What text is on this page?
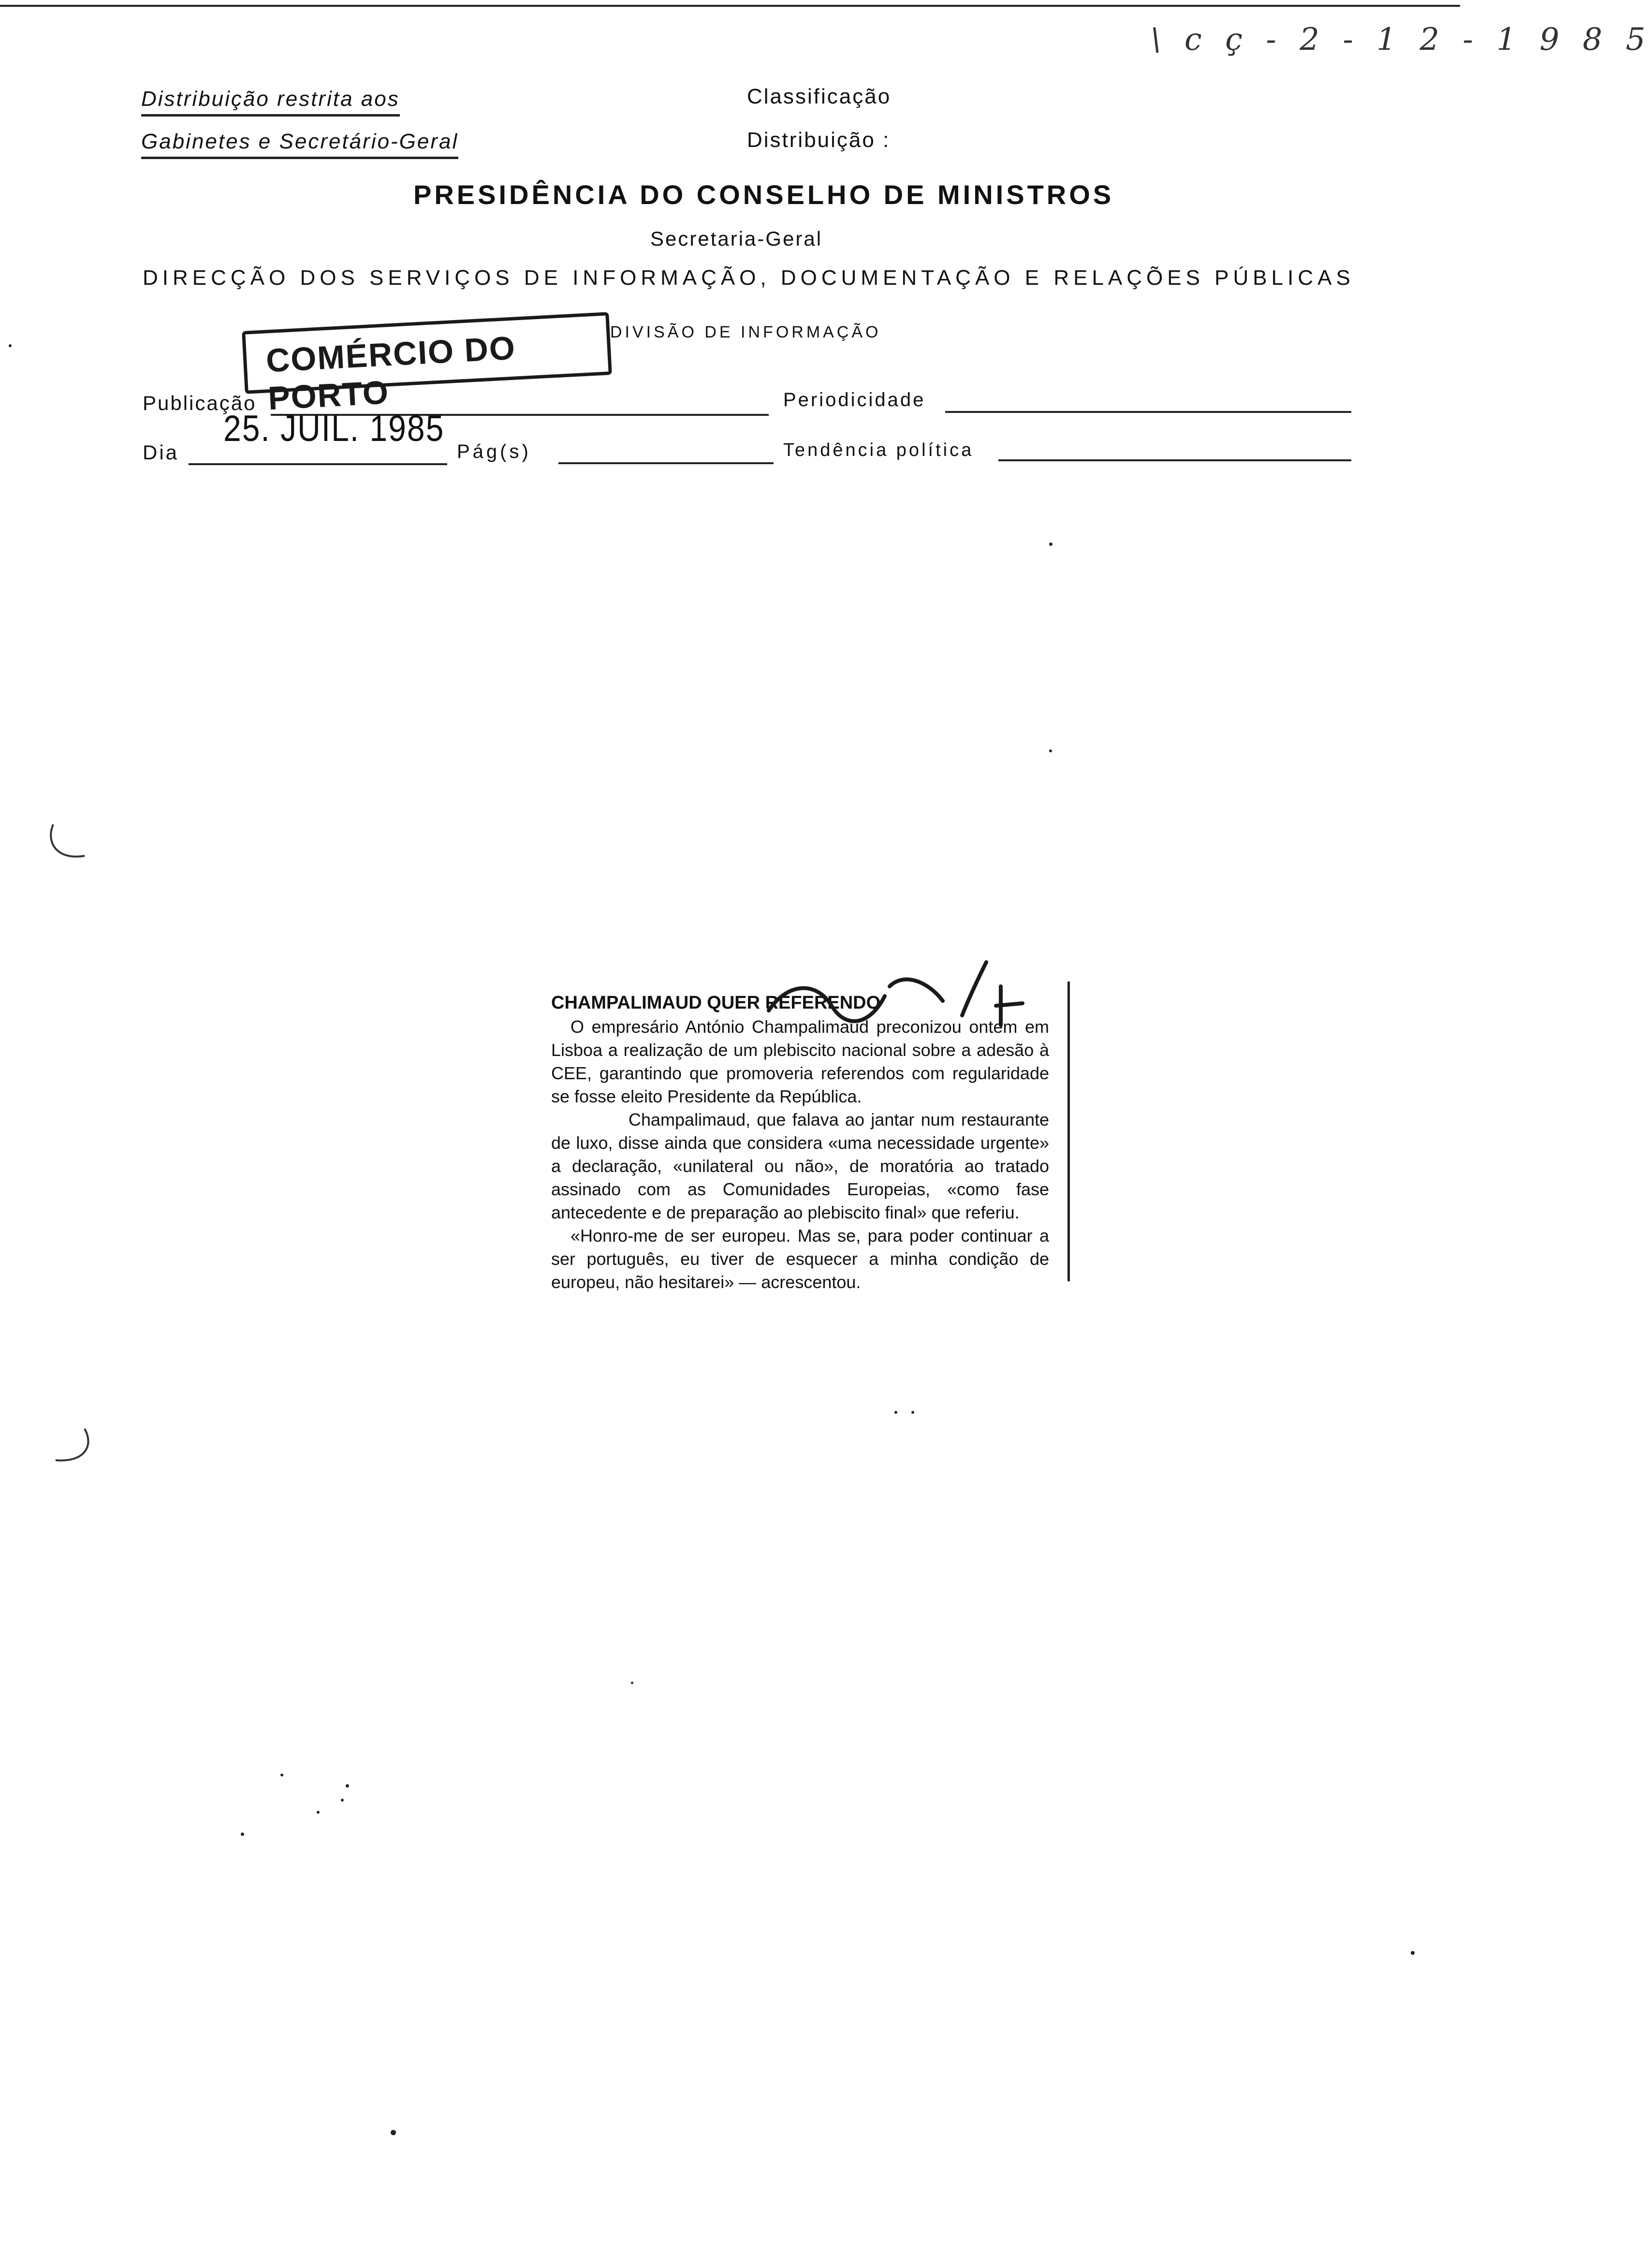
\ c ç - 2 - 1 2 - 1 9 8 5
Distribuição restrita aos
Gabinetes e Secretário-Geral
Classificação
Distribuição :
PRESIDÊNCIA DO CONSELHO DE MINISTROS
Secretaria-Geral
DIRECÇÃO DOS SERVIÇOS DE INFORMAÇÃO, DOCUMENTAÇÃO E RELAÇÕES PÚBLICAS
DIVISÃO DE INFORMAÇÃO
COMÉRCIO DO PORTO
Publicação	Periodicidade
25. JUIL. 1985
Dia	Pág(s)	Tendência política
CHAMPALIMAUD QUER REFERENDO

O empresário António Champalimaud preconizou ontem em Lisboa a realização de um plebiscito nacional sobre a adesão à CEE, garantindo que promoveria referendos com regularidade se fosse eleito Presidente da República.

Champalimaud, que falava ao jantar num restaurante de luxo, disse ainda que considera «uma necessidade urgente» a declaração, «unilateral ou não», de moratória ao tratado assinado com as Comunidades Europeias, «como fase antecedente e de preparação ao plebiscito final» que referiu.

«Honro-me de ser europeu. Mas se, para poder continuar a ser português, eu tiver de esquecer a minha condição de europeu, não hesitarei» — acrescentou.
